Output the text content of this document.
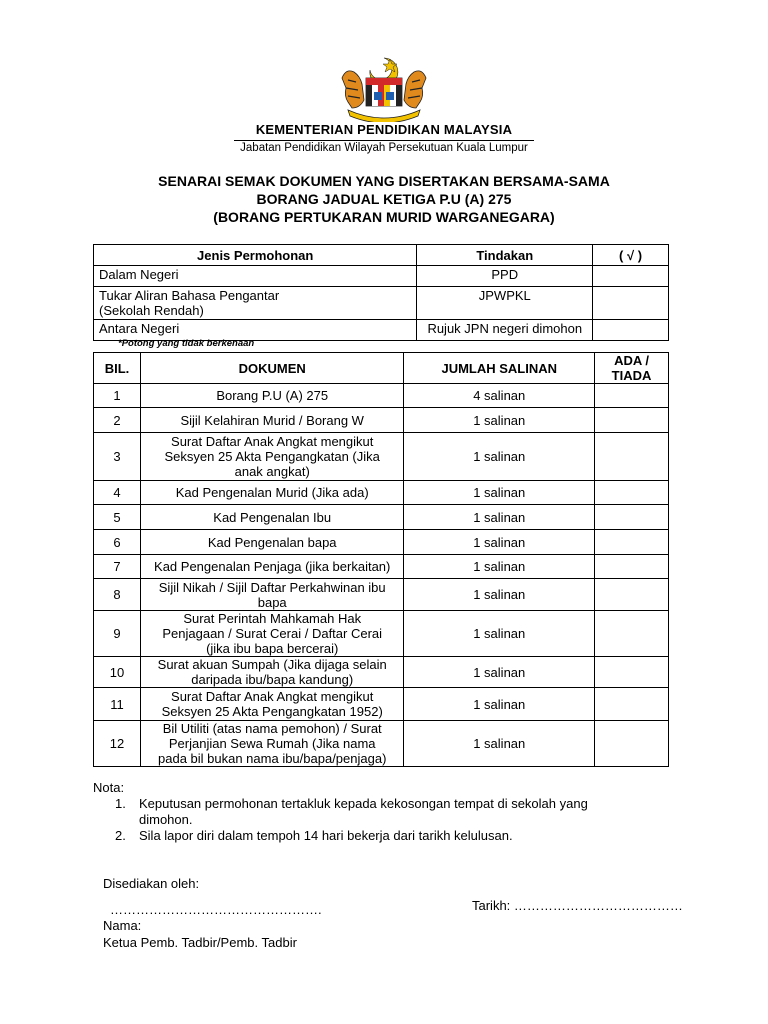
KEMENTERIAN PENDIDIKAN MALAYSIA
Jabatan Pendidikan Wilayah Persekutuan Kuala Lumpur
SENARAI SEMAK DOKUMEN YANG DISERTAKAN BERSAMA-SAMA
BORANG JADUAL KETIGA P.U (A) 275
(BORANG PERTUKARAN MURID WARGANEGARA)
Jenis Permohonan	Tindakan	( √ )
Dalam Negeri	PPD	

Tukar Aliran Bahasa Pengantar
(Sekolah Rendah)	JPWPKL	
Antara Negeri	Rujuk JPN negeri dimohon	
*Potong yang tidak berkenaan
BIL.	DOKUMEN	JUMLAH SALINAN	ADA /
TIADA

1	Borang P.U (A) 275	4 salinan	
2	Sijil Kelahiran Murid / Borang W	1 salinan	
3	Surat Daftar Anak Angkat mengikut
Seksyen 25 Akta Pengangkatan (Jika
anak angkat)	1 salinan	
4	Kad Pengenalan Murid (Jika ada)	1 salinan	
5	Kad Pengenalan Ibu	1 salinan	
6	Kad Pengenalan bapa	1 salinan	
7	Kad Pengenalan Penjaga (jika berkaitan)	1 salinan	
8	Sijil Nikah / Sijil Daftar Perkahwinan ibu
bapa	1 salinan	
9	Surat Perintah Mahkamah Hak
Penjagaan / Surat Cerai / Daftar Cerai
(jika ibu bapa bercerai)	1 salinan	
10	Surat akuan Sumpah (Jika dijaga selain
daripada ibu/bapa kandung)	1 salinan	
11	Surat Daftar Anak Angkat mengikut
Seksyen 25 Akta Pengangkatan 1952)	1 salinan	
12	Bil Utiliti (atas nama pemohon) / Surat
Perjanjian Sewa Rumah (Jika nama
pada bil bukan nama ibu/bapa/penjaga)	1 salinan	
Nota:
1.	Keputusan permohonan tertakluk kepada kekosongan tempat di sekolah yang
dimohon.
2.	Sila lapor diri dalam tempoh 14 hari bekerja dari tarikh kelulusan.
Disediakan oleh:
………………………………………….	Tarikh: …………………………………
Nama:
Ketua Pemb. Tadbir/Pemb. Tadbir
